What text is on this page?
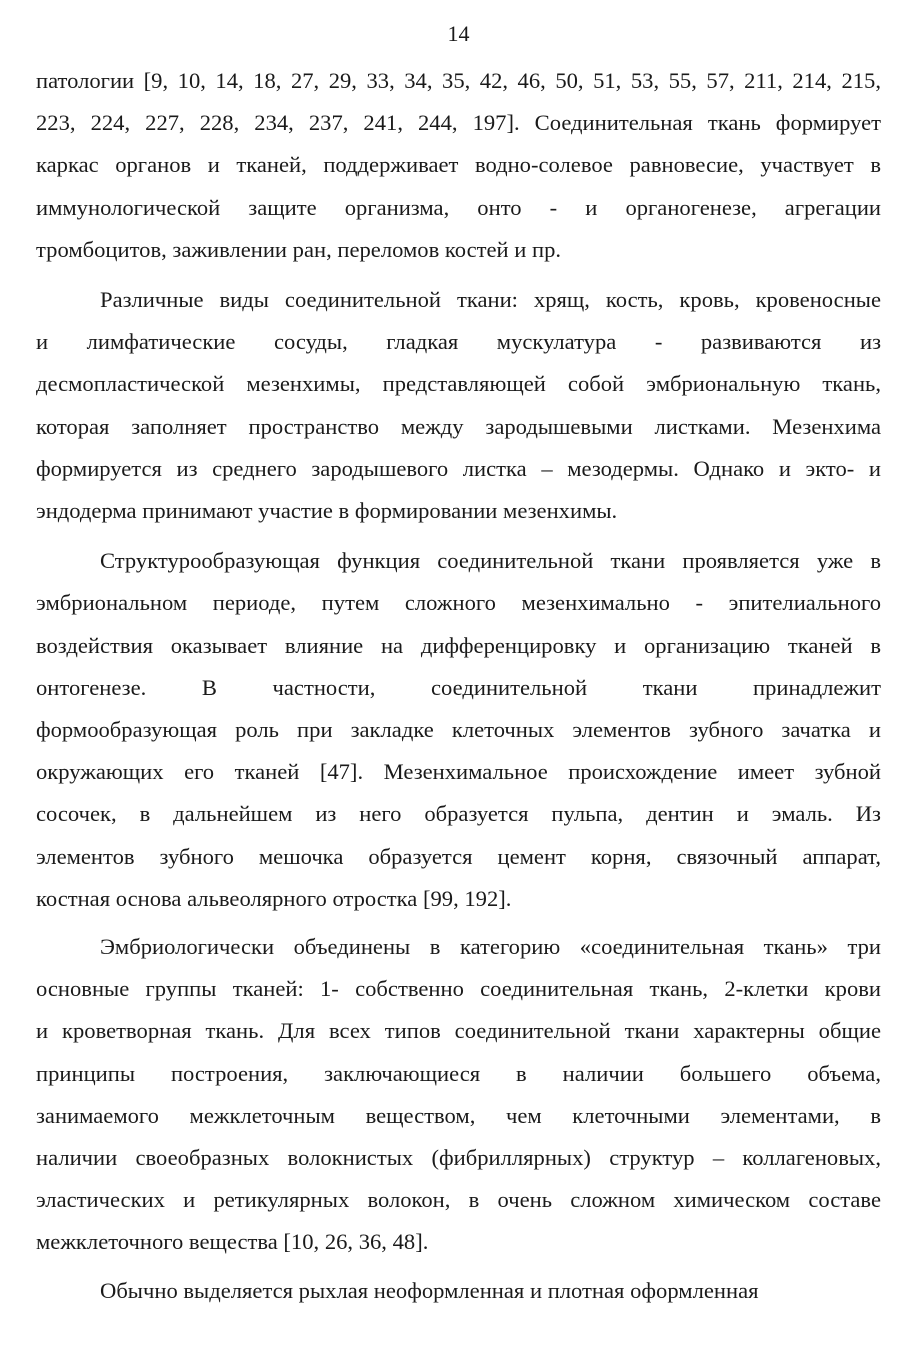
14
патологии [9, 10, 14, 18, 27, 29, 33, 34, 35, 42, 46, 50, 51, 53, 55, 57, 211, 214, 215,
223, 224, 227, 228, 234, 237, 241, 244, 197]. Соединительная ткань формирует
каркас органов и тканей, поддерживает водно-солевое равновесие, участвует в
иммунологической защите организма, онто - и органогенезе, агрегации
тромбоцитов, заживлении ран, переломов костей и пр.
Различные виды соединительной ткани: хрящ, кость, кровь, кровеносные
и лимфатические сосуды, гладкая мускулатура - развиваются из
десмопластической мезенхимы, представляющей собой эмбриональную ткань,
которая заполняет пространство между зародышевыми листками. Мезенхима
формируется из среднего зародышевого листка – мезодермы. Однако и экто- и
эндодерма принимают участие в формировании мезенхимы.
Структурообразующая функция соединительной ткани проявляется уже в
эмбриональном периоде, путем сложного мезенхимально - эпителиального
воздействия оказывает влияние на дифференцировку и организацию тканей в
онтогенезе. В частности, соединительной ткани принадлежит
формообразующая роль при закладке клеточных элементов зубного зачатка и
окружающих его тканей [47]. Мезенхимальное происхождение имеет зубной
сосочек, в дальнейшем из него образуется пульпа, дентин и эмаль. Из
элементов зубного мешочка образуется цемент корня, связочный аппарат,
костная основа альвеолярного отростка [99, 192].
Эмбриологически объединены в категорию «соединительная ткань» три
основные группы тканей: 1- собственно соединительная ткань, 2-клетки крови
и кроветворная ткань. Для всех типов соединительной ткани характерны общие
принципы построения, заключающиеся в наличии большего объема,
занимаемого межклеточным веществом, чем клеточными элементами, в
наличии своеобразных волокнистых (фибриллярных) структур – коллагеновых,
эластических и ретикулярных волокон, в очень сложном химическом составе
межклеточного вещества [10, 26, 36, 48].
Обычно выделяется рыхлая неоформленная и плотная оформленная
